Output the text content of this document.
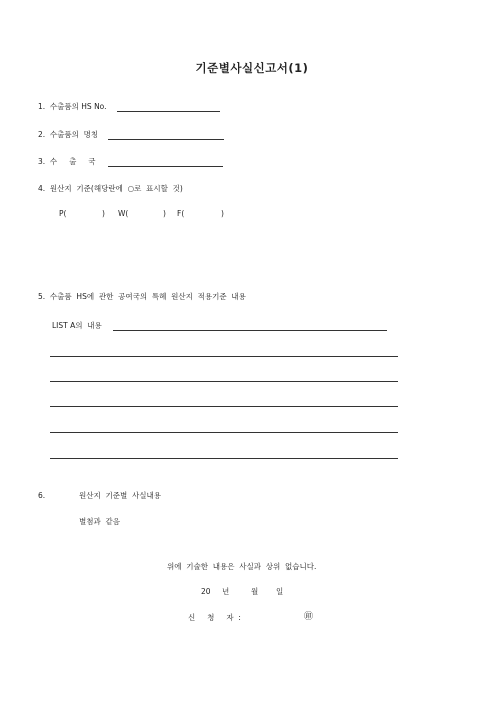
기준별사실신고서(1)
1.  수출품의 HS No.
2.  수출품의  명칭
3.  수     출     국
4.  원산지  기준(해당란에  ○로  표시할  것)
P(	) W(	) F(	)
5.  수출품  HS에  관한  공여국의  특혜  원산지  적용기준  내용
LIST A의  내용
6.	원산지  기준별  사실내용
별첨과  같음
위에  기술한  내용은  사실과  상위  없습니다.
20 년	월 일
신     청     자  :	㊞
